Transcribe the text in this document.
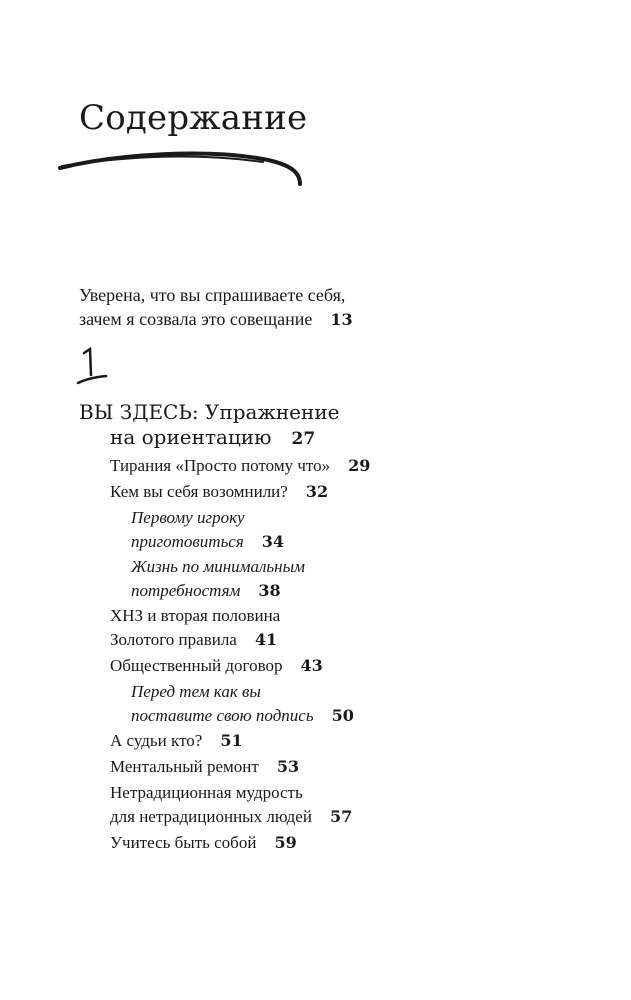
Содержание
Уверена, что вы спрашиваете себя,
зачем я созвала это совещание 13
ВЫ ЗДЕСЬ: Упражнение
на ориентацию 27
Тирания «Просто потому что» 29
Кем вы себя возомнили? 32
Первому игроку
приготовиться 34
Жизнь по минимальным
потребностям 38
ХНЗ и вторая половина
Золотого правила 41
Общественный договор 43
Перед тем как вы
поставите свою подпись 50
А судьи кто? 51
Ментальный ремонт 53
Нетрадиционная мудрость
для нетрадиционных людей 57
Учитесь быть собой 59
